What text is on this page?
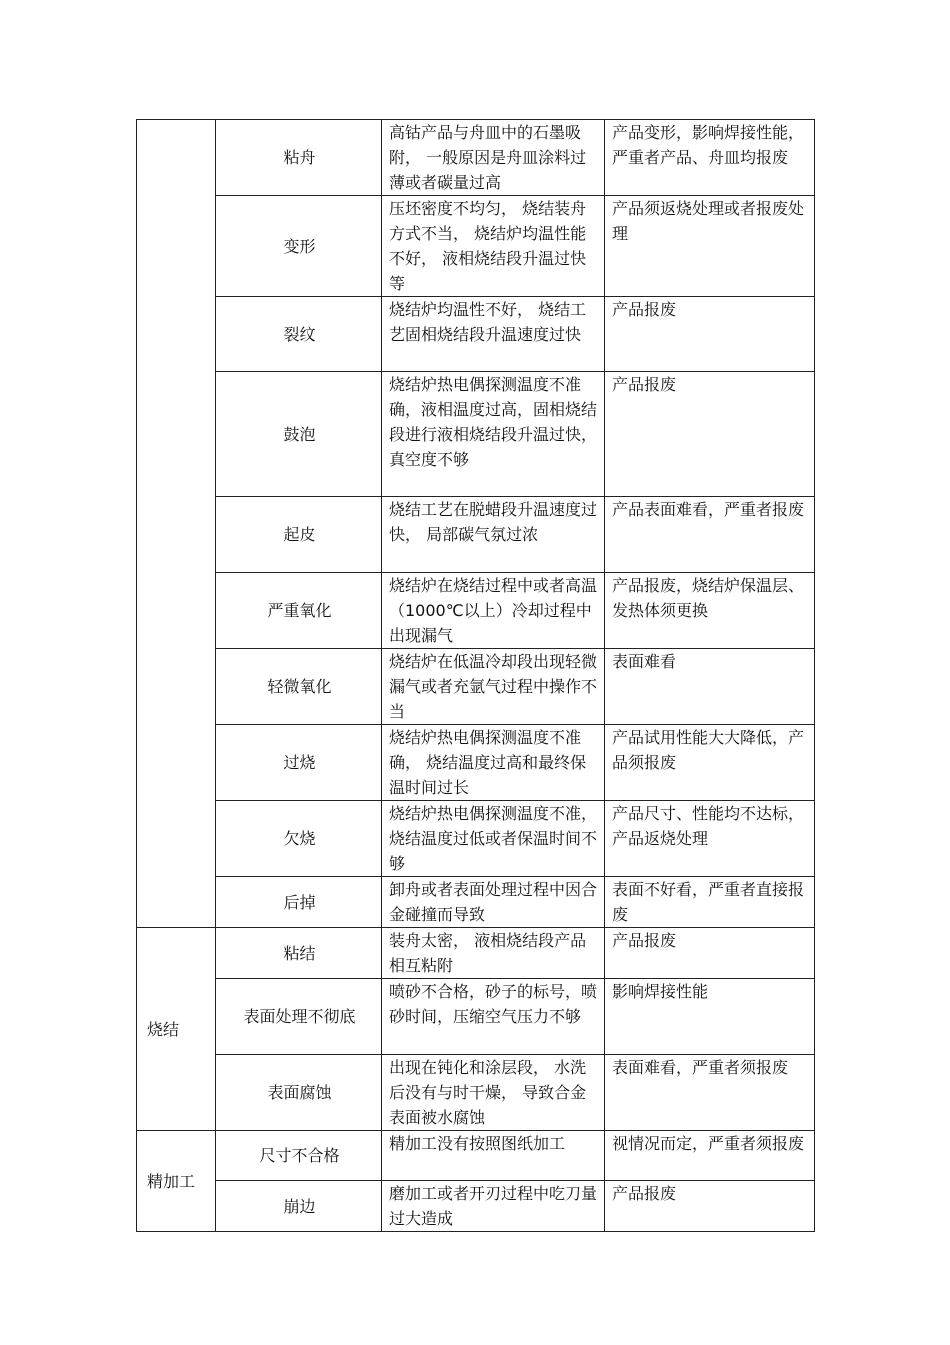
	粘舟	高钴产品与舟皿中的石墨吸附， 一般原因是舟皿涂料过薄或者碳量过高	产品变形，影响焊接性能，严重者产品、舟皿均报废
	变形	压坯密度不均匀， 烧结装舟方式不当， 烧结炉均温性能不好， 液相烧结段升温过快等	产品须返烧处理或者报废处理
	裂纹	烧结炉均温性不好， 烧结工艺固相烧结段升温速度过快	产品报废
	鼓泡	烧结炉热电偶探测温度不准确，液相温度过高，固相烧结段进行液相烧结段升温过快， 真空度不够	产品报废
	起皮	烧结工艺在脱蜡段升温速度过快， 局部碳气氛过浓	产品表面难看，严重者报废
	严重氧化	烧结炉在烧结过程中或者高温（1000℃以上）冷却过程中出现漏气	产品报废，烧结炉保温层、发热体须更换
	轻微氧化	烧结炉在低温冷却段出现轻微漏气或者充氩气过程中操作不当	表面难看
	过烧	烧结炉热电偶探测温度不准确， 烧结温度过高和最终保温时间过长	产品试用性能大大降低，产品须报废
	欠烧	烧结炉热电偶探测温度不准， 烧结温度过低或者保温时间不够	产品尺寸、性能均不达标，产品返烧处理
	后掉	卸舟或者表面处理过程中因合金碰撞而导致	表面不好看，严重者直接报废
烧结	粘结	装舟太密， 液相烧结段产品相互粘附	产品报废
	表面处理不彻底	喷砂不合格，砂子的标号，喷砂时间，压缩空气压力不够	影响焊接性能
	表面腐蚀	出现在钝化和涂层段， 水洗后没有与时干燥， 导致合金表面被水腐蚀	表面难看，严重者须报废
精加工	尺寸不合格	精加工没有按照图纸加工	视情况而定，严重者须报废
	崩边	磨加工或者开刃过程中吃刀量过大造成	产品报废
